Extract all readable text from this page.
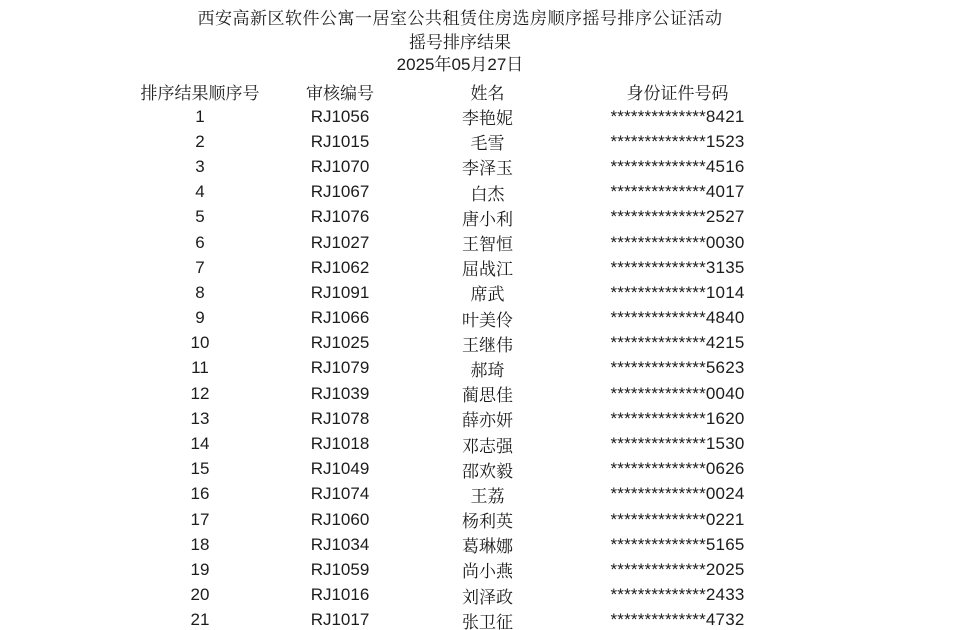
西安高新区软件公寓一居室公共租赁住房选房顺序摇号排序公证活动
摇号排序结果
2025年05月27日
排序结果顺序号	审核编号	姓名	身份证件号码
1	RJ1056	李艳妮	**************8421
2	RJ1015	毛雪	**************1523
3	RJ1070	李泽玉	**************4516
4	RJ1067	白杰	**************4017
5	RJ1076	唐小利	**************2527
6	RJ1027	王智恒	**************0030
7	RJ1062	屈战江	**************3135
8	RJ1091	席武	**************1014
9	RJ1066	叶美伶	**************4840
10	RJ1025	王继伟	**************4215
11	RJ1079	郝琦	**************5623
12	RJ1039	蔺思佳	**************0040
13	RJ1078	薛亦妍	**************1620
14	RJ1018	邓志强	**************1530
15	RJ1049	邵欢毅	**************0626
16	RJ1074	王荔	**************0024
17	RJ1060	杨利英	**************0221
18	RJ1034	葛琳娜	**************5165
19	RJ1059	尚小燕	**************2025
20	RJ1016	刘泽政	**************2433
21	RJ1017	张卫征	**************4732
